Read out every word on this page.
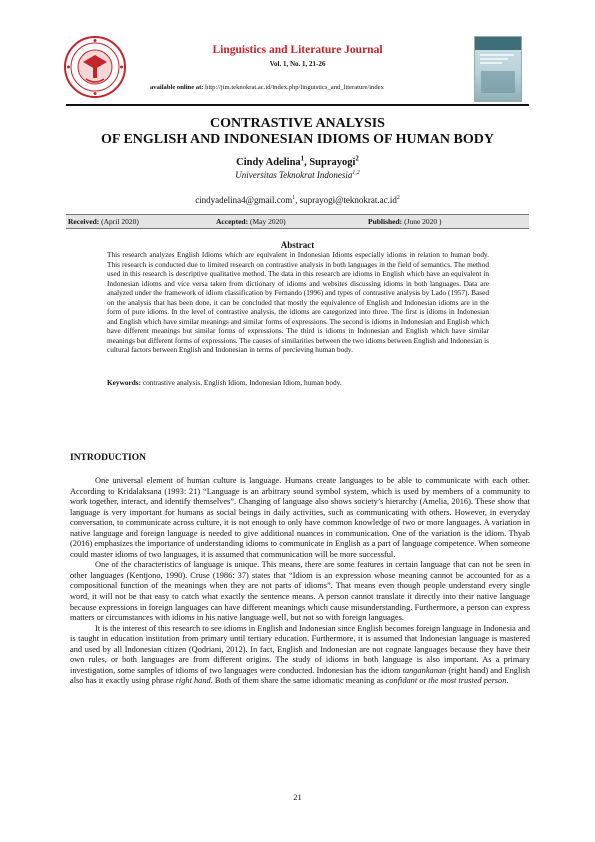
Linguistics and Literature Journal
Vol. 1, No. 1, 21-26
available online at: http://jim.teknokrat.ac.id/index.php/linguistics_and_literature/index
CONTRASTIVE ANALYSIS
OF ENGLISH AND INDONESIAN IDIOMS OF HUMAN BODY
Cindy Adelina$^1$, Suprayogi$^2$
Universitas Teknokrat Indonesia$^{1,2}$
cindyadelina4@gmail.com$^1$, $suprayogi@teknokrat.ac.id^2$
Received: (April 2020)	Accepted: (May 2020)	Published: (June 2020 )
Abstract
This research analyzes English Idioms which are equivalent in Indonesian Idioms especially idioms in relation to human body. This research is conducted due to limited research on contrastive analysis in both languages in the field of semantics. The method used in this research is descriptive qualitative method. The data in this research are idioms in English which have an equivalent in Indonesian idioms and vice versa taken from dictionary of idioms and websites discussing idioms in both languages. Data are analyzed under the framework of idiom classification by Fernando (1996) and types of contrastive analysis by Lado (1957). Based on the analysis that has been done, it can be concluded that mostly the equivalence of English and Indonesian idioms are in the form of pure idioms. In the level of contrastive analysis, the idioms are categorized into three. The first is idioms in Indonesian and English which have similar meanings and similar forms of expressions. The second is idioms in Indonesian and English which have different meanings but similar forms of expressions. The third is idioms in Indonesian and English which have similar meanings but different forms of expressions. The causes of similarities between the two idioms between English and Indonesian is cultural factors between English and Indonesian in terms of percieving human body.
Keywords: contrastive analysis, English Idiom, Indonesian Idiom, human body.
INTRODUCTION

One universal element of human culture is language. Humans create languages to be able to communicate with each other. According to Kridalaksana (1993: 21) “Language is an arbitrary sound symbol system, which is used by members of a community to work together, interact, and identify themselves”. Changing of language also shows society’s hierarchy (Amelia, 2016). These show that language is very important for humans as social beings in daily activities, such as communicating with others. However, in everyday conversation, to communicate across culture, it is not enough to only have common knowledge of two or more languages. A variation in native language and foreign language is needed to give additional nuances in communication. One of the variation is the idiom. Thyab (2016) emphasizes the importance of understanding idioms to communicate in English as a part of language competence. When someone could master idioms of two languages, it is assumed that communication will be more successful.

One of the characteristics of language is unique. This means, there are some features in certain language that can not be seen in other languages (Kentjono, 1990). Cruse (1986: 37) states that “Idiom is an expression whose meaning cannot be accounted for as a compositional function of the meanings when they are not parts of idioms”. That means even though people understand every single word, it will not be that easy to catch what exactly the sentence means. A person cannot translate it directly into their native language because expressions in foreign languages can have different meanings which cause misunderstanding. Furthermore, a person can express matters or circumstances with idioms in his native language well, but not so with foreign languages.

It is the interest of this research to see idioms in English and Indonesian since English becomes foreign language in Indonesia and is taught in education institution from primary until tertiary education. Furthermore, it is assumed that Indonesian language is mastered and used by all Indonesian citizen (Qodriani, 2012). In fact, English and Indonesian are not cognate languages because they have their own rules, or both languages are from different origins. The study of idioms in both language is also important. As a primary investigation, some samples of idioms of two languages were conducted. Indonesian has the idiom tangankanan (right hand) and English also has it exactly using phrase right hand. Both of them share the same idiomatic meaning as confidant or the most trusted person.

21
